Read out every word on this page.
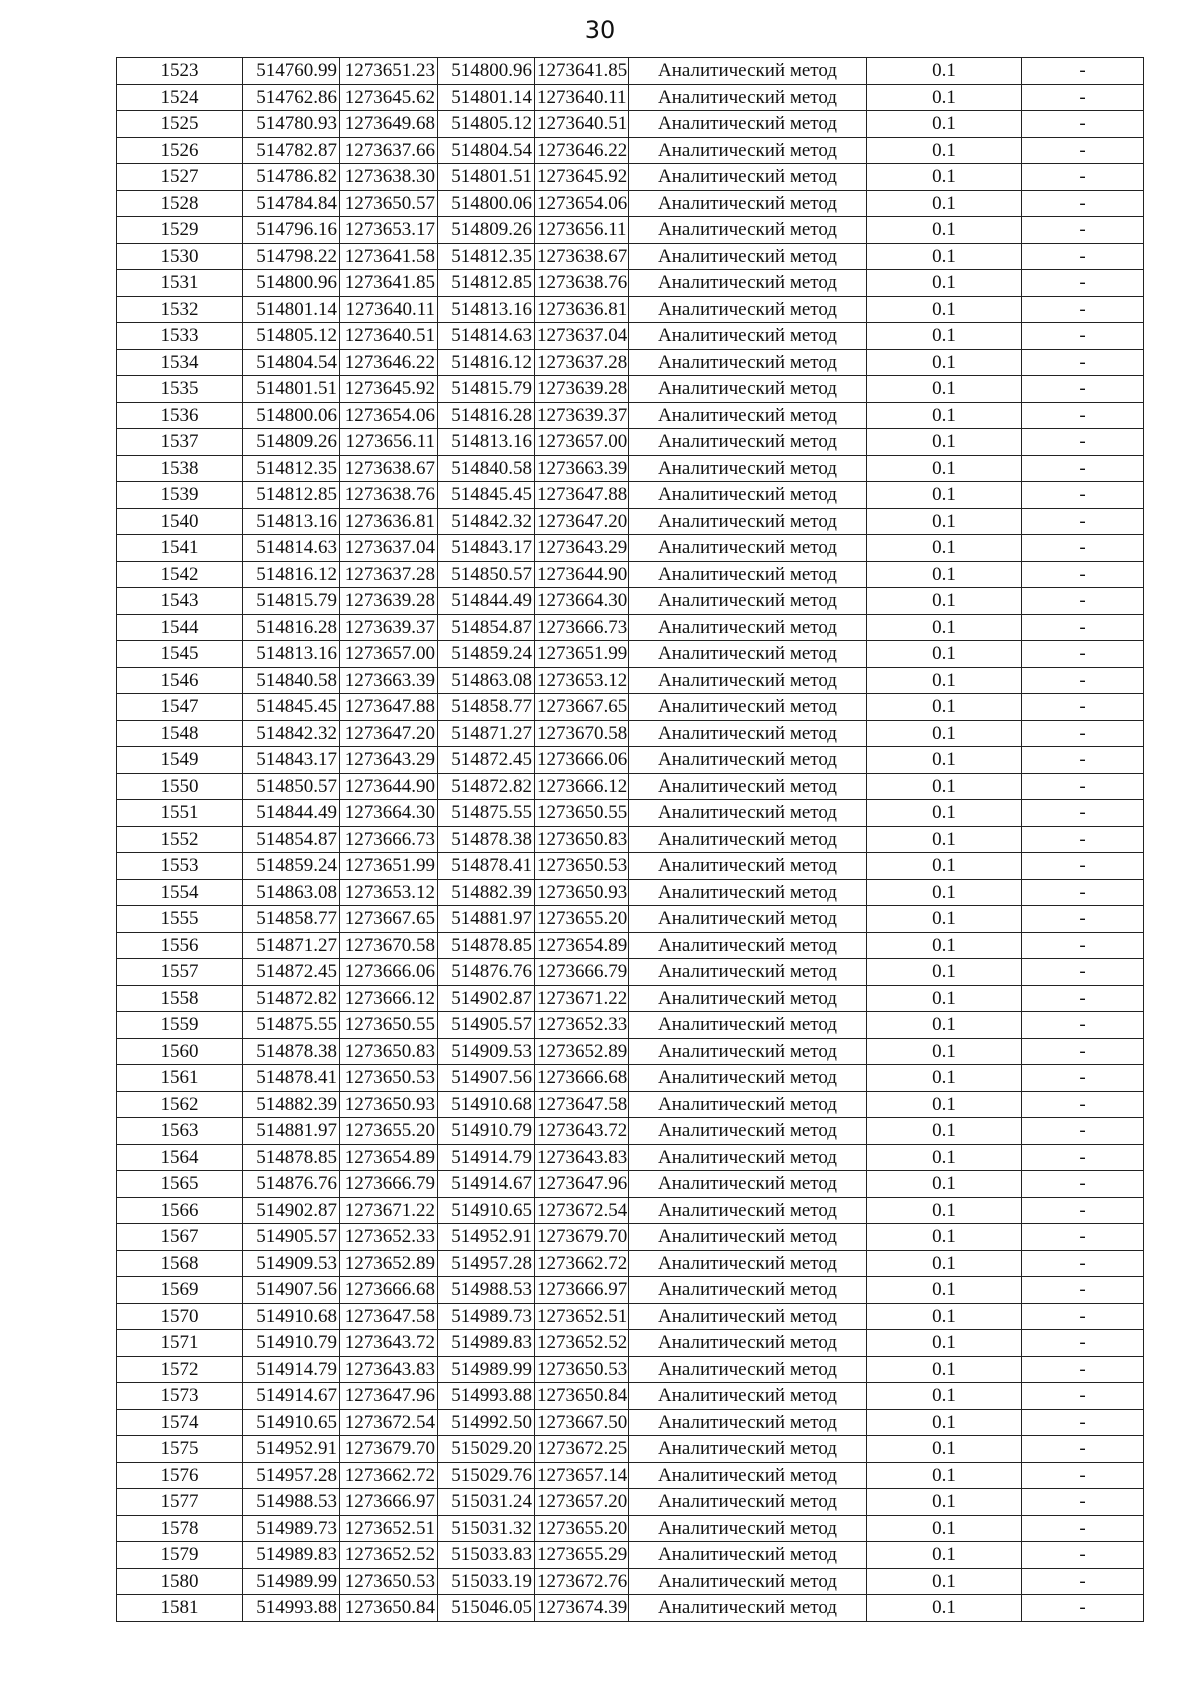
30
1523	514760.99	1273651.23	514800.96	1273641.85	Аналитический метод	0.1	-
1524	514762.86	1273645.62	514801.14	1273640.11	Аналитический метод	0.1	-
1525	514780.93	1273649.68	514805.12	1273640.51	Аналитический метод	0.1	-
1526	514782.87	1273637.66	514804.54	1273646.22	Аналитический метод	0.1	-
1527	514786.82	1273638.30	514801.51	1273645.92	Аналитический метод	0.1	-
1528	514784.84	1273650.57	514800.06	1273654.06	Аналитический метод	0.1	-
1529	514796.16	1273653.17	514809.26	1273656.11	Аналитический метод	0.1	-
1530	514798.22	1273641.58	514812.35	1273638.67	Аналитический метод	0.1	-
1531	514800.96	1273641.85	514812.85	1273638.76	Аналитический метод	0.1	-
1532	514801.14	1273640.11	514813.16	1273636.81	Аналитический метод	0.1	-
1533	514805.12	1273640.51	514814.63	1273637.04	Аналитический метод	0.1	-
1534	514804.54	1273646.22	514816.12	1273637.28	Аналитический метод	0.1	-
1535	514801.51	1273645.92	514815.79	1273639.28	Аналитический метод	0.1	-
1536	514800.06	1273654.06	514816.28	1273639.37	Аналитический метод	0.1	-
1537	514809.26	1273656.11	514813.16	1273657.00	Аналитический метод	0.1	-
1538	514812.35	1273638.67	514840.58	1273663.39	Аналитический метод	0.1	-
1539	514812.85	1273638.76	514845.45	1273647.88	Аналитический метод	0.1	-
1540	514813.16	1273636.81	514842.32	1273647.20	Аналитический метод	0.1	-
1541	514814.63	1273637.04	514843.17	1273643.29	Аналитический метод	0.1	-
1542	514816.12	1273637.28	514850.57	1273644.90	Аналитический метод	0.1	-
1543	514815.79	1273639.28	514844.49	1273664.30	Аналитический метод	0.1	-
1544	514816.28	1273639.37	514854.87	1273666.73	Аналитический метод	0.1	-
1545	514813.16	1273657.00	514859.24	1273651.99	Аналитический метод	0.1	-
1546	514840.58	1273663.39	514863.08	1273653.12	Аналитический метод	0.1	-
1547	514845.45	1273647.88	514858.77	1273667.65	Аналитический метод	0.1	-
1548	514842.32	1273647.20	514871.27	1273670.58	Аналитический метод	0.1	-
1549	514843.17	1273643.29	514872.45	1273666.06	Аналитический метод	0.1	-
1550	514850.57	1273644.90	514872.82	1273666.12	Аналитический метод	0.1	-
1551	514844.49	1273664.30	514875.55	1273650.55	Аналитический метод	0.1	-
1552	514854.87	1273666.73	514878.38	1273650.83	Аналитический метод	0.1	-
1553	514859.24	1273651.99	514878.41	1273650.53	Аналитический метод	0.1	-
1554	514863.08	1273653.12	514882.39	1273650.93	Аналитический метод	0.1	-
1555	514858.77	1273667.65	514881.97	1273655.20	Аналитический метод	0.1	-
1556	514871.27	1273670.58	514878.85	1273654.89	Аналитический метод	0.1	-
1557	514872.45	1273666.06	514876.76	1273666.79	Аналитический метод	0.1	-
1558	514872.82	1273666.12	514902.87	1273671.22	Аналитический метод	0.1	-
1559	514875.55	1273650.55	514905.57	1273652.33	Аналитический метод	0.1	-
1560	514878.38	1273650.83	514909.53	1273652.89	Аналитический метод	0.1	-
1561	514878.41	1273650.53	514907.56	1273666.68	Аналитический метод	0.1	-
1562	514882.39	1273650.93	514910.68	1273647.58	Аналитический метод	0.1	-
1563	514881.97	1273655.20	514910.79	1273643.72	Аналитический метод	0.1	-
1564	514878.85	1273654.89	514914.79	1273643.83	Аналитический метод	0.1	-
1565	514876.76	1273666.79	514914.67	1273647.96	Аналитический метод	0.1	-
1566	514902.87	1273671.22	514910.65	1273672.54	Аналитический метод	0.1	-
1567	514905.57	1273652.33	514952.91	1273679.70	Аналитический метод	0.1	-
1568	514909.53	1273652.89	514957.28	1273662.72	Аналитический метод	0.1	-
1569	514907.56	1273666.68	514988.53	1273666.97	Аналитический метод	0.1	-
1570	514910.68	1273647.58	514989.73	1273652.51	Аналитический метод	0.1	-
1571	514910.79	1273643.72	514989.83	1273652.52	Аналитический метод	0.1	-
1572	514914.79	1273643.83	514989.99	1273650.53	Аналитический метод	0.1	-
1573	514914.67	1273647.96	514993.88	1273650.84	Аналитический метод	0.1	-
1574	514910.65	1273672.54	514992.50	1273667.50	Аналитический метод	0.1	-
1575	514952.91	1273679.70	515029.20	1273672.25	Аналитический метод	0.1	-
1576	514957.28	1273662.72	515029.76	1273657.14	Аналитический метод	0.1	-
1577	514988.53	1273666.97	515031.24	1273657.20	Аналитический метод	0.1	-
1578	514989.73	1273652.51	515031.32	1273655.20	Аналитический метод	0.1	-
1579	514989.83	1273652.52	515033.83	1273655.29	Аналитический метод	0.1	-
1580	514989.99	1273650.53	515033.19	1273672.76	Аналитический метод	0.1	-
1581	514993.88	1273650.84	515046.05	1273674.39	Аналитический метод	0.1	-
